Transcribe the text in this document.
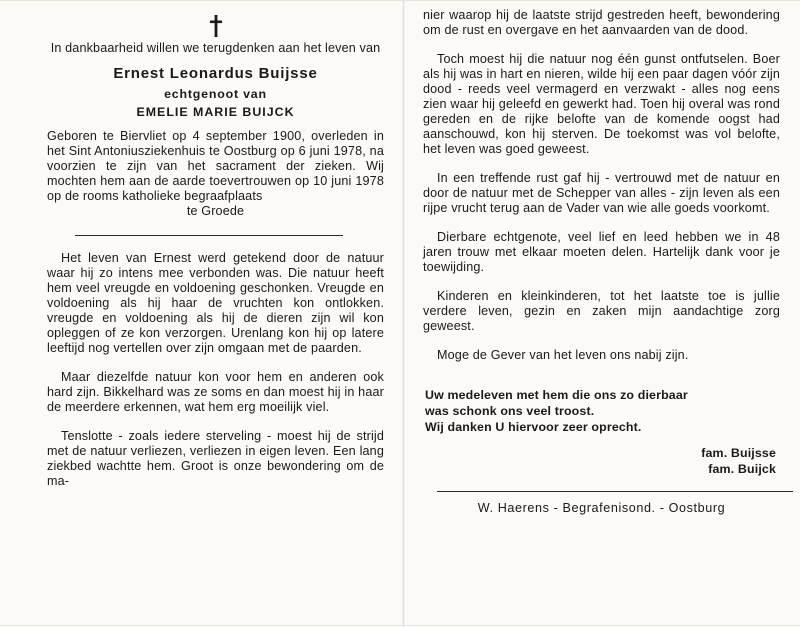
In dankbaarheid willen we terugdenken aan het leven van

Ernest Leonardus Buijsse
echtgenoot van
EMELIE MARIE BUIJCK

Geboren te Biervliet op 4 september 1900, overleden in het Sint Antoniusziekenhuis te Oostburg op 6 juni 1978, na voorzien te zijn van het sacrament der zieken. Wij mochten hem aan de aarde toevertrouwen op 10 juni 1978 op de rooms katholieke begraafplaats

te Groede

Het leven van Ernest werd getekend door de natuur waar hij zo intens mee verbonden was. Die natuur heeft hem veel vreugde en voldoening geschonken. Vreugde en voldoening als hij haar de vruchten kon ontlokken. vreugde en voldoening als hij de dieren zijn wil kon opleggen of ze kon verzorgen. Urenlang kon hij op latere leeftijd nog vertellen over zijn omgaan met de paarden.

Maar diezelfde natuur kon voor hem en anderen ook hard zijn. Bikkelhard was ze soms en dan moest hij in haar de meerdere erkennen, wat hem erg moeilijk viel.

Tenslotte - zoals iedere sterveling - moest hij de strijd met de natuur verliezen, verliezen in eigen leven. Een lang ziekbed wachtte hem. Groot is onze bewondering om de ma-

nier waarop hij de laatste strijd gestreden heeft, bewondering om de rust en overgave en het aanvaarden van de dood.

Toch moest hij die natuur nog één gunst ontfutselen. Boer als hij was in hart en nieren, wilde hij een paar dagen vóór zijn dood - reeds veel vermagerd en verzwakt - alles nog eens zien waar hij geleefd en gewerkt had. Toen hij overal was rond gereden en de rijke belofte van de komende oogst had aanschouwd, kon hij sterven. De toekomst was vol belofte, het leven was goed geweest.

In een treffende rust gaf hij - vertrouwd met de natuur en door de natuur met de Schepper van alles - zijn leven als een rijpe vrucht terug aan de Vader van wie alle goeds voorkomt.

Dierbare echtgenote, veel lief en leed hebben we in 48 jaren trouw met elkaar moeten delen. Hartelijk dank voor je toewijding.

Kinderen en kleinkinderen, tot het laatste toe is jullie verdere leven, gezin en zaken mijn aandachtige zorg geweest.

Moge de Gever van het leven ons nabij zijn.

Uw medeleven met hem die ons zo dierbaar
was schonk ons veel troost.
Wij danken U hiervoor zeer oprecht.
fam. Buijsse
fam. Buijck
W. Haerens - Begrafenisond. - Oostburg
